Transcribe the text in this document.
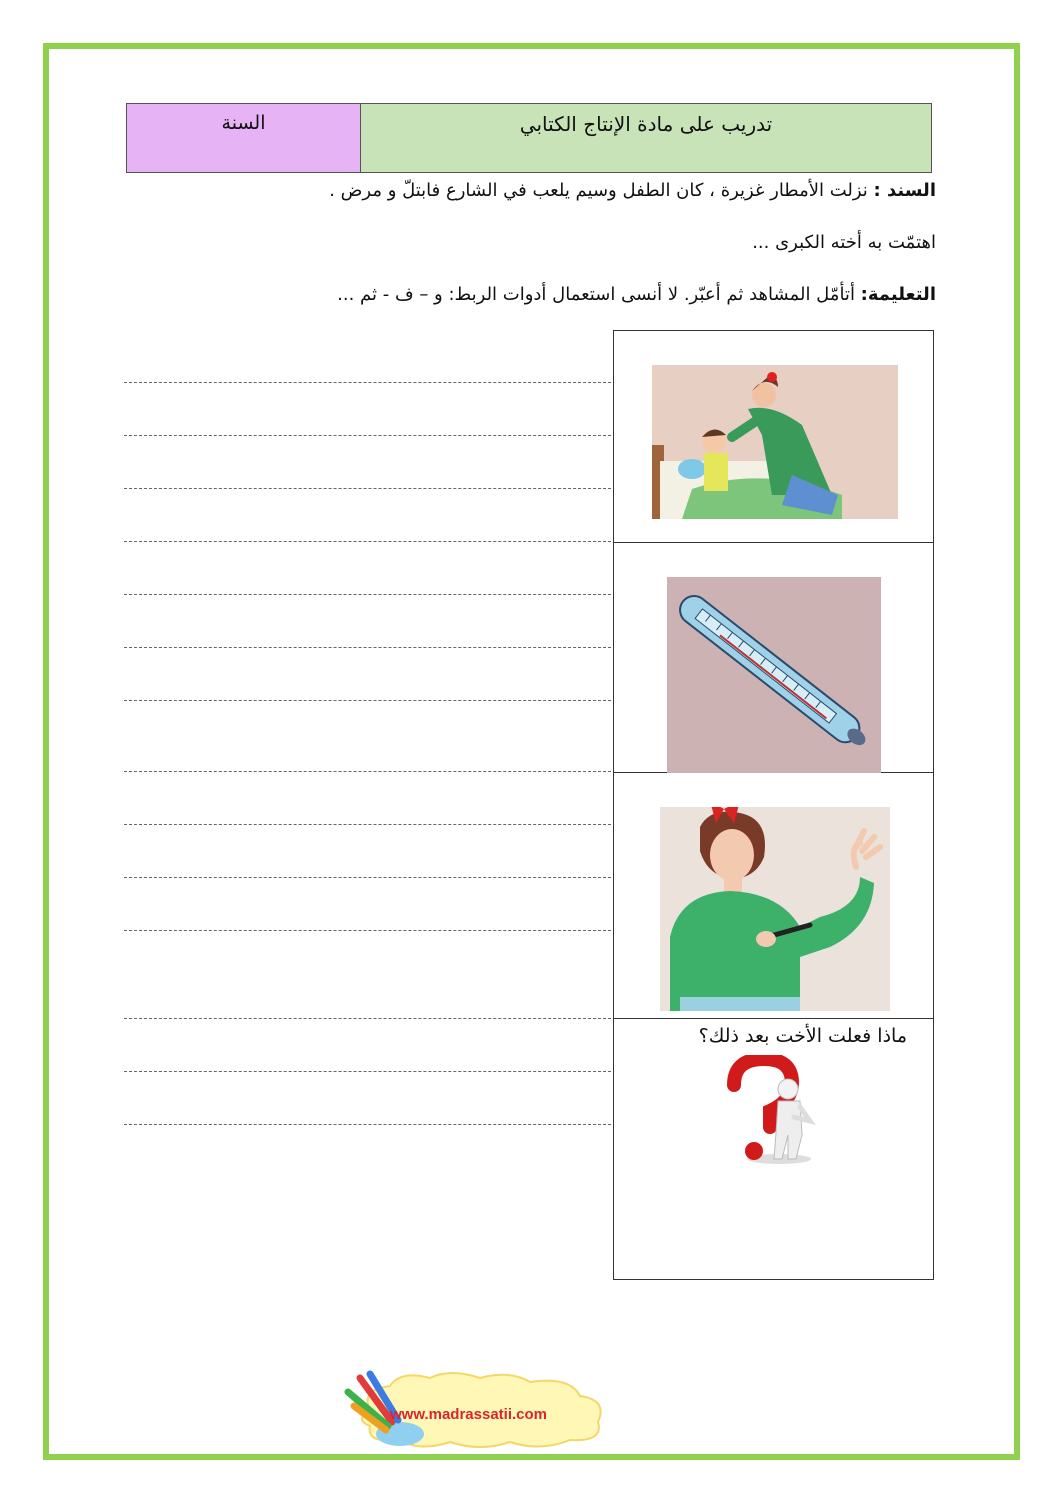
السنة	تدريب على مادة الإنتاج الكتابي
السند : نزلت الأمطار غزيرة ، كان الطفل وسيم يلعب في الشارع فابتلّ و مرض .
اهتمّت به أخته الكبرى ...
التعليمة: أتأمّل المشاهد ثم أعبّر. لا أنسى استعمال أدوات الربط: و – ف - ثم ...
ماذا فعلت الأخت بعد ذلك؟
www.madrassatii.com
